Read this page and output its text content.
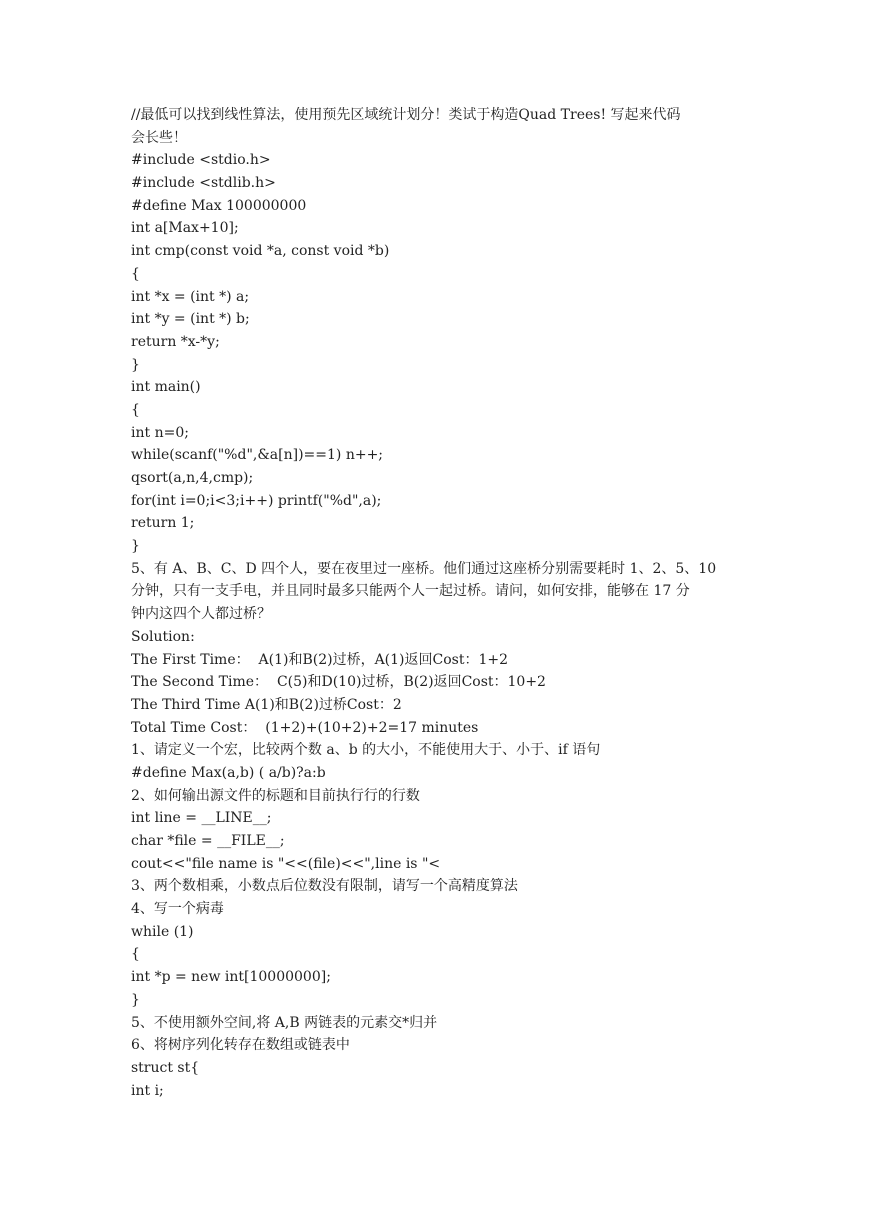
//最低可以找到线性算法，使用预先区域统计划分！类试于构造Quad Trees! 写起来代码
会长些！
#include <stdio.h>
#include <stdlib.h>
#define Max 100000000
int a[Max+10];
int cmp(const void *a, const void *b)
{
int *x = (int *) a;
int *y = (int *) b;
return *x-*y;
}
int main()
{
int n=0;
while(scanf("%d",&a[n])==1) n++;
qsort(a,n,4,cmp);
for(int i=0;i<3;i++) printf("%d",a);
return 1;
}
5、有 A、B、C、D 四个人，要在夜里过一座桥。他们通过这座桥分别需要耗时 1、2、5、10
分钟，只有一支手电，并且同时最多只能两个人一起过桥。请问，如何安排，能够在 17 分
钟内这四个人都过桥？
Solution:
The First Time：  A(1)和B(2)过桥，A(1)返回Cost：1+2
The Second Time：  C(5)和D(10)过桥，B(2)返回Cost：10+2
The Third Time A(1)和B(2)过桥Cost：2
Total Time Cost：  (1+2)+(10+2)+2=17 minutes
1、请定义一个宏，比较两个数 a、b 的大小，不能使用大于、小于、if 语句
#define Max(a,b) ( a/b)?a:b
2、如何输出源文件的标题和目前执行行的行数
int line = __LINE__;
char *file = __FILE__;
cout<<"file name is "<<(file)<<",line is "<
3、两个数相乘，小数点后位数没有限制，请写一个高精度算法
4、写一个病毒
while (1)
{
int *p = new int[10000000];
}
5、不使用额外空间,将 A,B 两链表的元素交*归并
6、将树序列化转存在数组或链表中
struct st{
int i;
